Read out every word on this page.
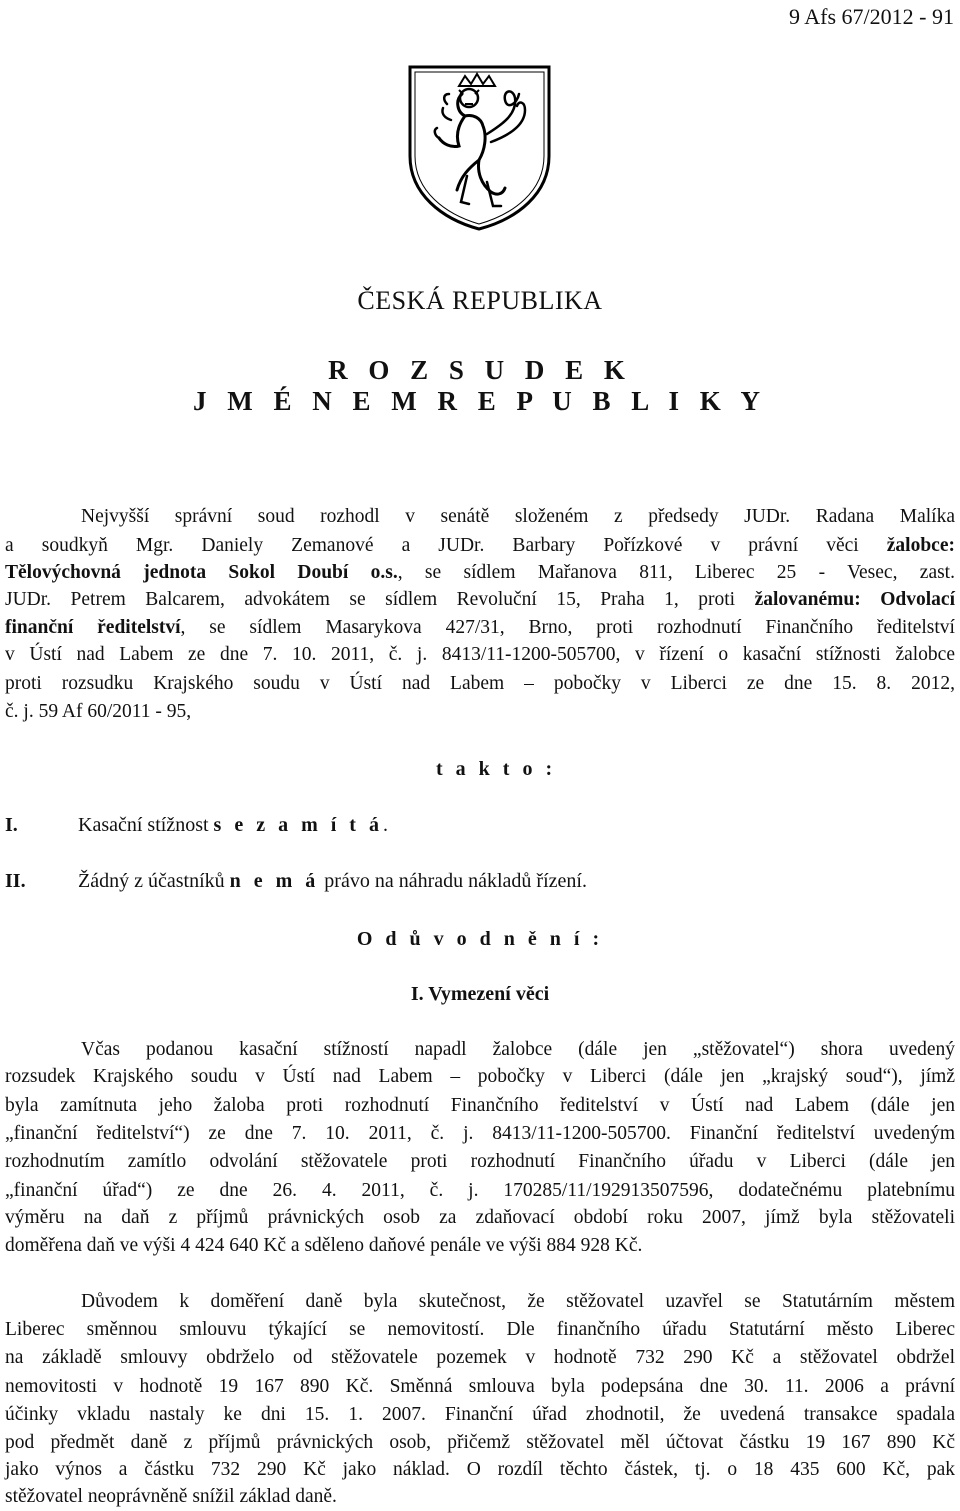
9 Afs 67/2012 - 91
ČESKÁ REPUBLIKA
R O Z S U D E K
J M É N E M R E P U B L I K Y
Nejvyšší správní soud rozhodl v senátě složeném z předsedy JUDr. Radana Malíka
a soudkyň Mgr. Daniely Zemanové a JUDr. Barbary Pořízkové v právní věci žalobce:
Tělovýchovná jednota Sokol Doubí o.s., se sídlem Mařanova 811, Liberec 25 - Vesec, zast.
JUDr. Petrem Balcarem, advokátem se sídlem Revoluční 15, Praha 1, proti žalovanému: Odvolací
finanční ředitelství, se sídlem Masarykova 427/31, Brno, proti rozhodnutí Finančního ředitelství
v Ústí nad Labem ze dne 7. 10. 2011, č. j. 8413/11-1200-505700, v řízení o kasační stížnosti žalobce
proti rozsudku Krajského soudu v Ústí nad Labem – pobočky v Liberci ze dne 15. 8. 2012,
č. j. 59 Af 60/2011 - 95,
t a k t o :
I.	Kasační stížnost s e z a m í t á.
II.	Žádný z účastníků n e m á právo na náhradu nákladů řízení.
O d ů v o d n ě n í :
I. Vymezení věci
Včas podanou kasační stížností napadl žalobce (dále jen „stěžovatel“) shora uvedený
rozsudek Krajského soudu v Ústí nad Labem – pobočky v Liberci (dále jen „krajský soud“), jímž
byla zamítnuta jeho žaloba proti rozhodnutí Finančního ředitelství v Ústí nad Labem (dále jen
„finanční ředitelství“) ze dne 7. 10. 2011, č. j. 8413/11-1200-505700. Finanční ředitelství uvedeným
rozhodnutím zamítlo odvolání stěžovatele proti rozhodnutí Finančního úřadu v Liberci (dále jen
„finanční úřad“) ze dne 26. 4. 2011, č. j. 170285/11/192913507596, dodatečnému platebnímu
výměru na daň z příjmů právnických osob za zdaňovací období roku 2007, jímž byla stěžovateli
doměřena daň ve výši 4 424 640 Kč a sděleno daňové penále ve výši 884 928 Kč.
Důvodem k doměření daně byla skutečnost, že stěžovatel uzavřel se Statutárním městem
Liberec směnnou smlouvu týkající se nemovitostí. Dle finančního úřadu Statutární město Liberec
na základě smlouvy obdrželo od stěžovatele pozemek v hodnotě 732 290 Kč a stěžovatel obdržel
nemovitosti v hodnotě 19 167 890 Kč. Směnná smlouva byla podepsána dne 30. 11. 2006 a právní
účinky vkladu nastaly ke dni 15. 1. 2007. Finanční úřad zhodnotil, že uvedená transakce spadala
pod předmět daně z příjmů právnických osob, přičemž stěžovatel měl účtovat částku 19 167 890 Kč
jako výnos a částku 732 290 Kč jako náklad. O rozdíl těchto částek, tj. o 18 435 600 Kč, pak
stěžovatel neoprávněně snížil základ daně.
